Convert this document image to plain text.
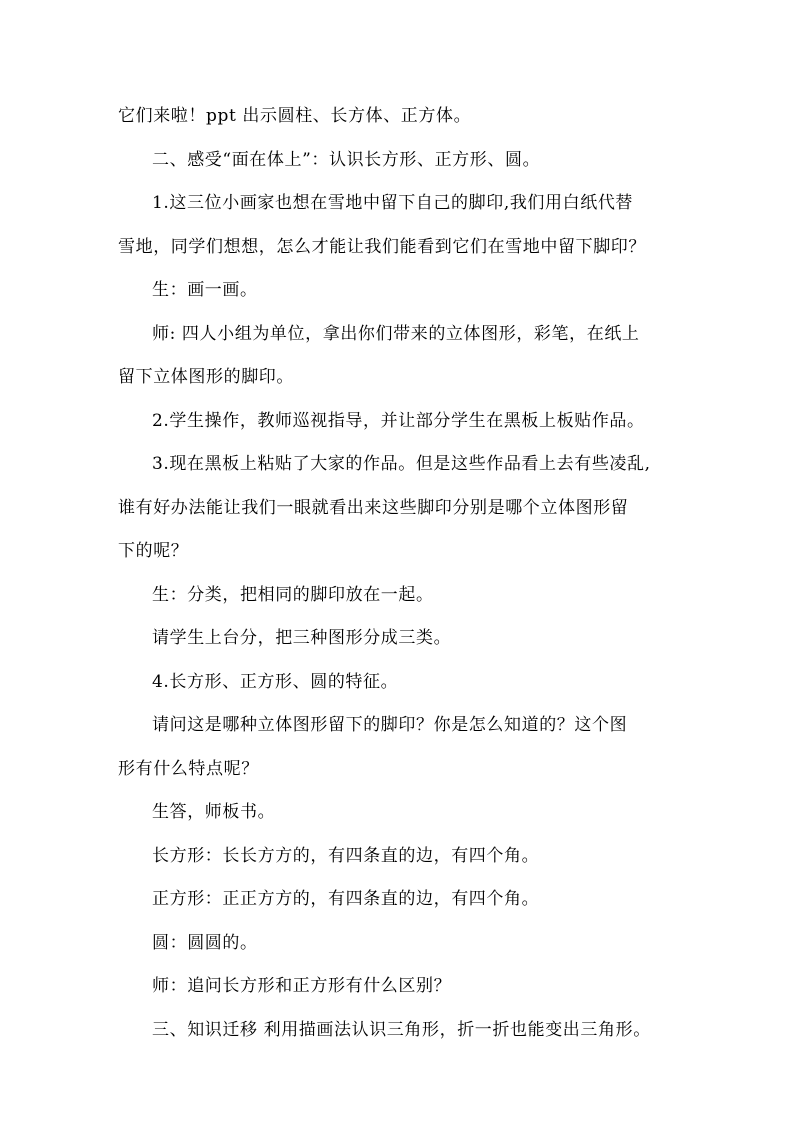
它们来啦！ppt 出示圆柱、长方体、正方体。
二、感受“面在体上”：认识长方形、正方形、圆。
1.这三位小画家也想在雪地中留下自己的脚印,我们用白纸代替
雪地，同学们想想，怎么才能让我们能看到它们在雪地中留下脚印？
生：画一画。
师: 四人小组为单位，拿出你们带来的立体图形，彩笔，在纸上
留下立体图形的脚印。
2.学生操作，教师巡视指导，并让部分学生在黑板上板贴作品。
3.现在黑板上粘贴了大家的作品。但是这些作品看上去有些凌乱,
谁有好办法能让我们一眼就看出来这些脚印分别是哪个立体图形留
下的呢？
生：分类，把相同的脚印放在一起。
请学生上台分，把三种图形分成三类。
4.长方形、正方形、圆的特征。
请问这是哪种立体图形留下的脚印？你是怎么知道的？这个图
形有什么特点呢？
生答，师板书。
长方形：长长方方的，有四条直的边，有四个角。
正方形：正正方方的，有四条直的边，有四个角。
圆：圆圆的。
师：追问长方形和正方形有什么区别？
三、知识迁移 利用描画法认识三角形，折一折也能变出三角形。
